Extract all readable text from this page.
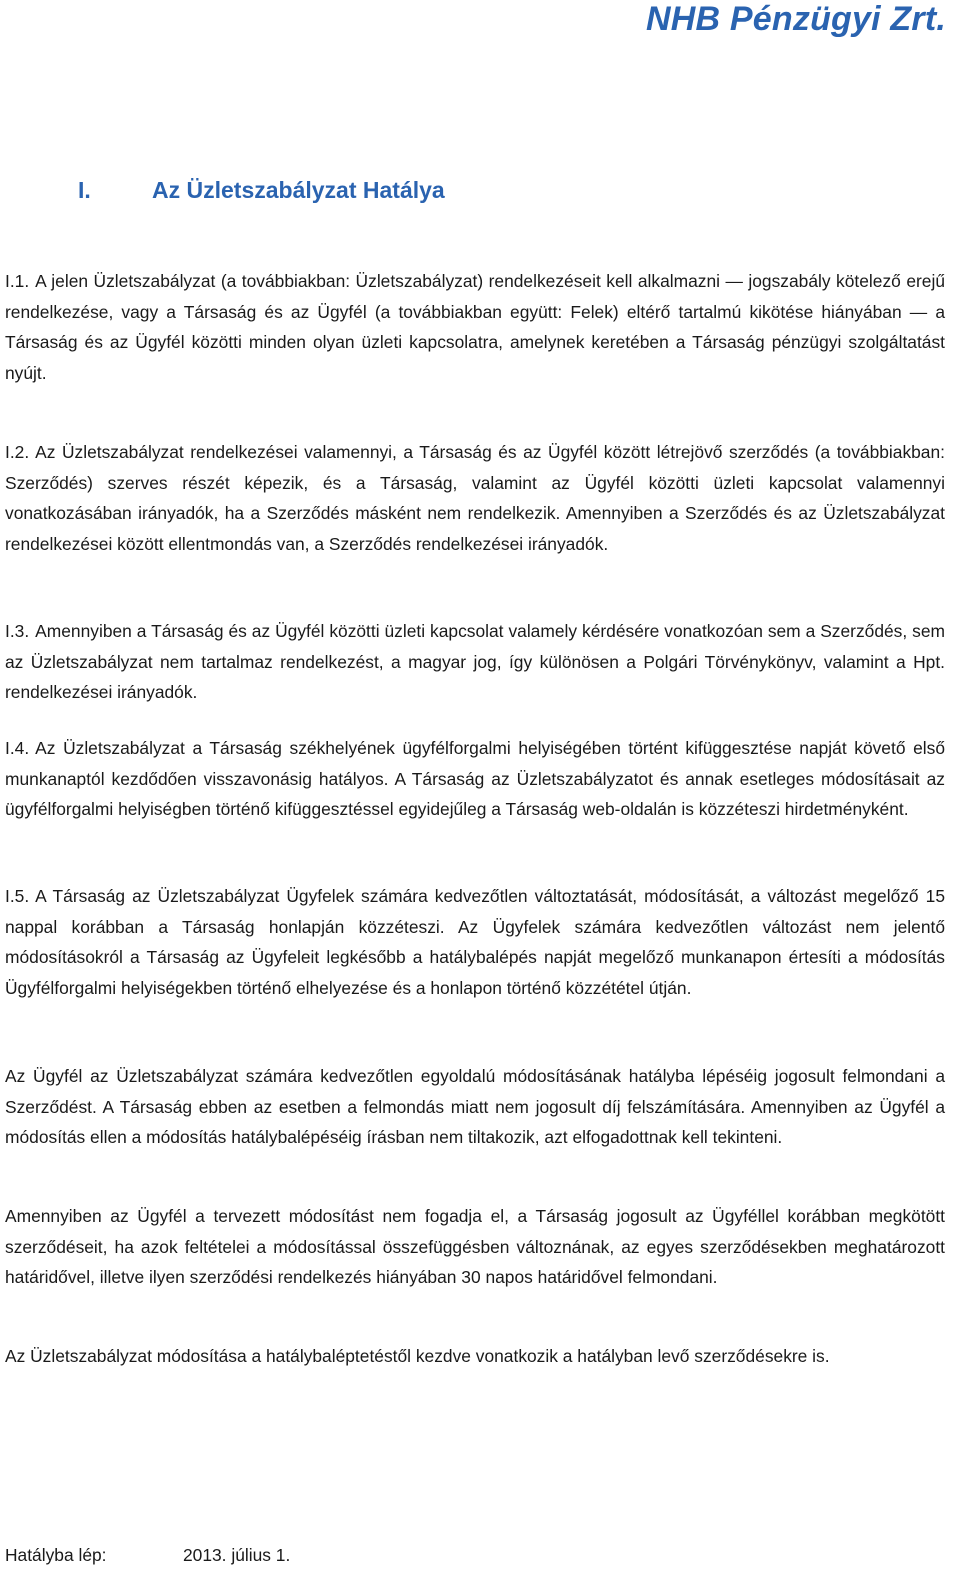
NHB Pénzügyi Zrt.
I.	Az Üzletszabályzat Hatálya

I.1. A jelen Üzletszabályzat (a továbbiakban: Üzletszabályzat) rendelkezéseit kell alkalmazni — jogszabály kötelező erejű rendelkezése, vagy a Társaság és az Ügyfél (a továbbiakban együtt: Felek) eltérő tartalmú kikötése hiányában — a Társaság és az Ügyfél közötti minden olyan üzleti kapcsolatra, amelynek keretében a Társaság pénzügyi szolgáltatást nyújt.

I.2. Az Üzletszabályzat rendelkezései valamennyi, a Társaság és az Ügyfél között létrejövő szerződés (a továbbiakban: Szerződés) szerves részét képezik, és a Társaság, valamint az Ügyfél közötti üzleti kapcsolat valamennyi vonatkozásában irányadók, ha a Szerződés másként nem rendelkezik. Amennyiben a Szerződés és az Üzletszabályzat rendelkezései között ellentmondás van, a Szerződés rendelkezései irányadók.

I.3. Amennyiben a Társaság és az Ügyfél közötti üzleti kapcsolat valamely kérdésére vonatkozóan sem a Szerződés, sem az Üzletszabályzat nem tartalmaz rendelkezést, a magyar jog, így különösen a Polgári Törvénykönyv, valamint a Hpt. rendelkezései irányadók.

I.4. Az Üzletszabályzat a Társaság székhelyének ügyfélforgalmi helyiségében történt kifüggesztése napját követő első munkanaptól kezdődően visszavonásig hatályos. A Társaság az Üzletszabályzatot és annak esetleges módosításait az ügyfélforgalmi helyiségben történő kifüggesztéssel egyidejűleg a Társaság web-oldalán is közzéteszi hirdetményként.

I.5. A Társaság az Üzletszabályzat Ügyfelek számára kedvezőtlen változtatását, módosítását, a változást megelőző 15 nappal korábban a Társaság honlapján közzéteszi. Az Ügyfelek számára kedvezőtlen változást nem jelentő módosításokról a Társaság az Ügyfeleit legkésőbb a hatálybalépés napját megelőző munkanapon értesíti a módosítás Ügyfélforgalmi helyiségekben történő elhelyezése és a honlapon történő közzététel útján.

Az Ügyfél az Üzletszabályzat számára kedvezőtlen egyoldalú módosításának hatályba lépéséig jogosult felmondani a Szerződést. A Társaság ebben az esetben a felmondás miatt nem jogosult díj felszámítására. Amennyiben az Ügyfél a módosítás ellen a módosítás hatálybalépéséig írásban nem tiltakozik, azt elfogadottnak kell tekinteni.

Amennyiben az Ügyfél a tervezett módosítást nem fogadja el, a Társaság jogosult az Ügyféllel korábban megkötött szerződéseit, ha azok feltételei a módosítással összefüggésben változnának, az egyes szerződésekben meghatározott határidővel, illetve ilyen szerződési rendelkezés hiányában 30 napos határidővel felmondani.

Az Üzletszabályzat módosítása a hatálybaléptetéstől kezdve vonatkozik a hatályban levő szerződésekre is.

Hatályba lép:	2013. július 1.
